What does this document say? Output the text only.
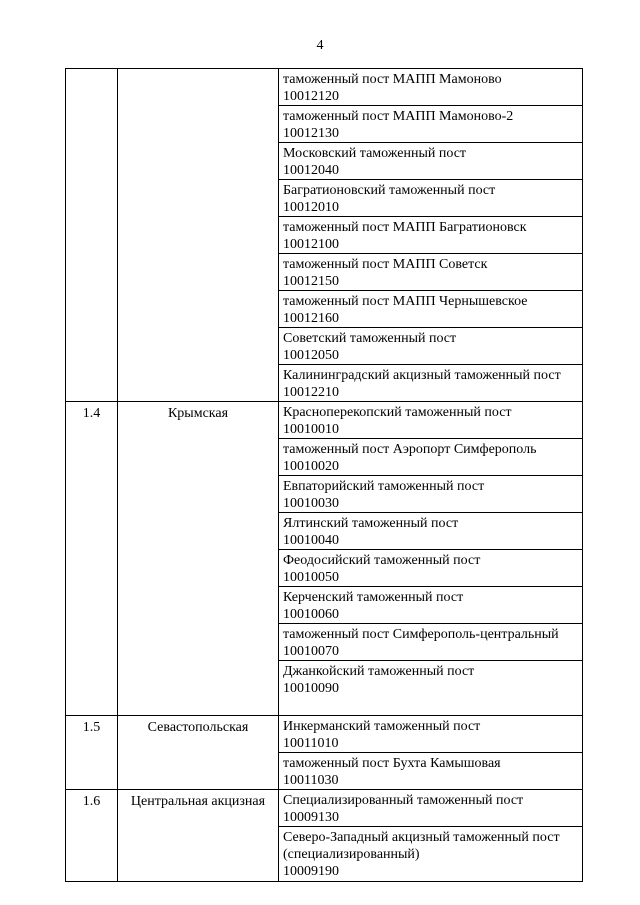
4

		таможенный пост МАПП Мамоново
10012120

		таможенный пост МАПП Мамоново-2
10012130

		Московский таможенный пост
10012040

		Багратионовский таможенный пост
10012010

		таможенный пост МАПП Багратионовск
10012100

		таможенный пост МАПП Советск
10012150

		таможенный пост МАПП Чернышевское
10012160

		Советский таможенный пост
10012050

		Калининградский акцизный таможенный пост
10012210

1.4	Крымская	Красноперекопский таможенный пост
10010010

		таможенный пост Аэропорт Симферополь
10010020

		Евпаторийский таможенный пост
10010030

		Ялтинский таможенный пост
10010040

		Феодосийский таможенный пост
10010050

		Керченский таможенный пост
10010060

		таможенный пост Симферополь-центральный
10010070

		Джанкойский таможенный пост
10010090

1.5	Севастопольская	Инкерманский таможенный пост
10011010

		таможенный пост Бухта Камышовая
10011030

1.6	Центральная акцизная	Специализированный таможенный пост
10009130

		Северо-Западный акцизный таможенный пост
(специализированный)
10009190
